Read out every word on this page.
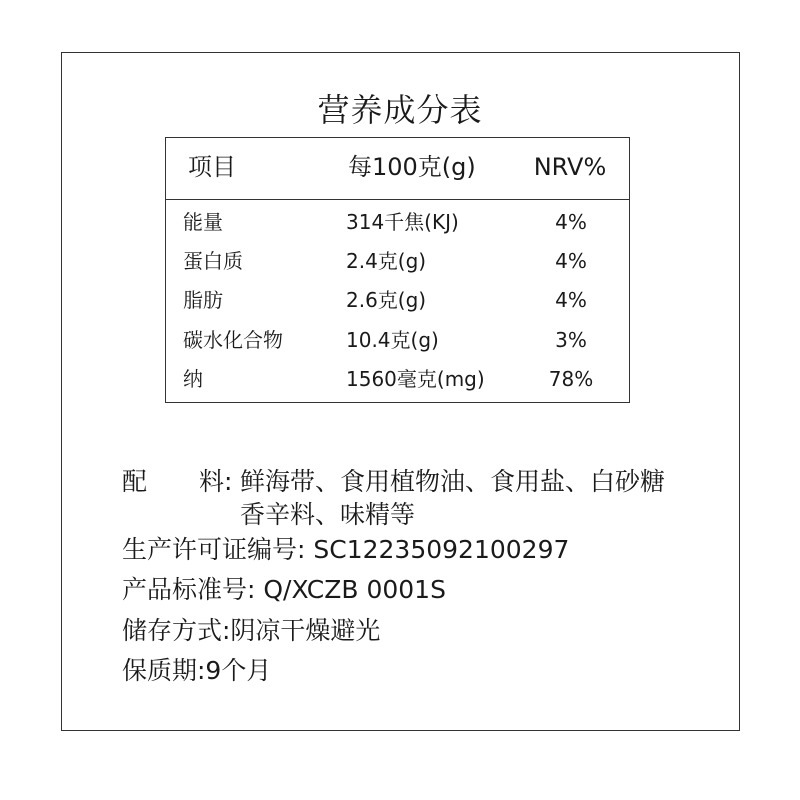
营养成分表
项目	每100克(g) NRV%
能量	314千焦(KJ)	4%
蛋白质	2.4克(g)	4%
脂肪	2.6克(g)	4%
碳水化合物	10.4克(g)	3%
纳	1560毫克(mg)	78%
配 料: 鲜海带、食用植物油、食用盐、白砂糖
香辛料、味精等
生产许可证编号: SC12235092100297
产品标准号: Q/XCZB 0001S
储存方式:阴凉干燥避光
保质期:9个月
